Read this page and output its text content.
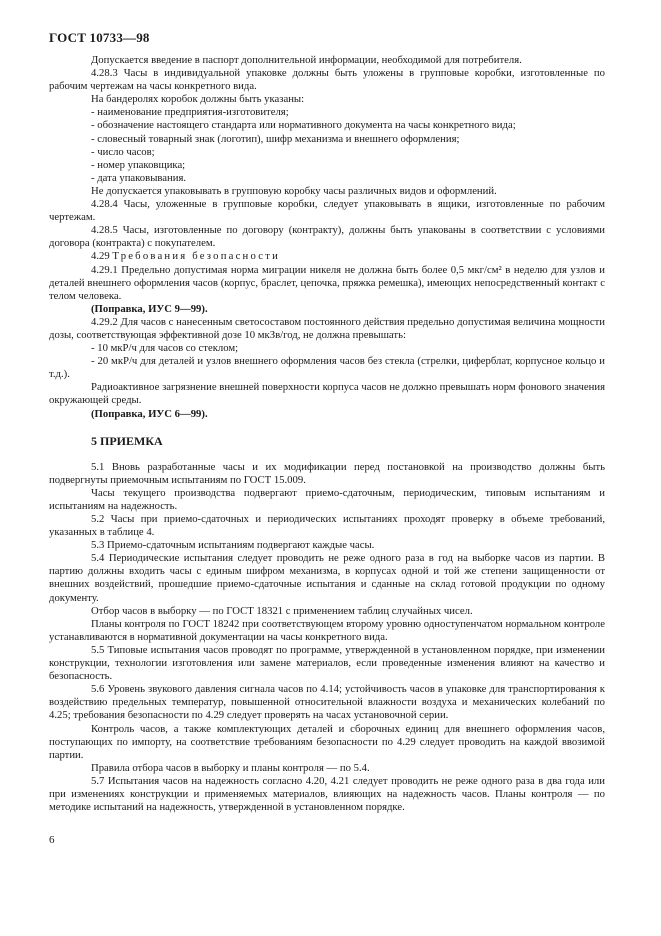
ГОСТ 10733—98

Допускается введение в паспорт дополнительной информации, необходимой для потребителя.

4.28.3 Часы в индивидуальной упаковке должны быть уложены в групповые коробки, изготовленные по рабочим чертежам на часы конкретного вида.

На бандеролях коробок должны быть указаны:

- наименование предприятия-изготовителя;

- обозначение настоящего стандарта или нормативного документа на часы конкретного вида;

- словесный товарный знак (логотип), шифр механизма и внешнего оформления;

- число часов;

- номер упаковщика;

- дата упаковывания.

Не допускается упаковывать в групповую коробку часы различных видов и оформлений.

4.28.4 Часы, уложенные в групповые коробки, следует упаковывать в ящики, изготовленные по рабочим чертежам.

4.28.5 Часы, изготовленные по договору (контракту), должны быть упакованы в соответствии с условиями договора (контракта) с покупателем.

4.29 Требования безопасности

4.29.1 Предельно допустимая норма миграции никеля не должна быть более 0,5 мкг/см² в неделю для узлов и деталей внешнего оформления часов (корпус, браслет, цепочка, пряжка ремешка), имеющих непосредственный контакт с телом человека.

(Поправка, ИУС 9—99).

4.29.2 Для часов с нанесенным светосоставом постоянного действия предельно допустимая величина мощности дозы, соответствующая эффективной дозе 10 мкЗв/год, не должна превышать:

- 10 мкР/ч для часов со стеклом;

- 20 мкР/ч для деталей и узлов внешнего оформления часов без стекла (стрелки, циферблат, корпусное кольцо и т.д.).

Радиоактивное загрязнение внешней поверхности корпуса часов не должно превышать норм фонового значения окружающей среды.

(Поправка, ИУС 6—99).

5 ПРИЕМКА

5.1 Вновь разработанные часы и их модификации перед постановкой на производство должны быть подвергнуты приемочным испытаниям по ГОСТ 15.009.

Часы текущего производства подвергают приемо-сдаточным, периодическим, типовым испытаниям и испытаниям на надежность.

5.2 Часы при приемо-сдаточных и периодических испытаниях проходят проверку в объеме требований, указанных в таблице 4.

5.3 Приемо-сдаточным испытаниям подвергают каждые часы.

5.4 Периодические испытания следует проводить не реже одного раза в год на выборке часов из партии. В партию должны входить часы с единым шифром механизма, в корпусах одной и той же степени защищенности от внешних воздействий, прошедшие приемо-сдаточные испытания и сданные на склад готовой продукции по одному документу.

Отбор часов в выборку — по ГОСТ 18321 с применением таблиц случайных чисел.

Планы контроля по ГОСТ 18242 при соответствующем второму уровню одноступенчатом нормальном контроле устанавливаются в нормативной документации на часы конкретного вида.

5.5 Типовые испытания часов проводят по программе, утвержденной в установленном порядке, при изменении конструкции, технологии изготовления или замене материалов, если проведенные изменения влияют на качество и безопасность.

5.6 Уровень звукового давления сигнала часов по 4.14; устойчивость часов в упаковке для транспортирования к воздействию предельных температур, повышенной относительной влажности воздуха и механических колебаний по 4.25; требования безопасности по 4.29 следует проверять на часах установочной серии.

Контроль часов, а также комплектующих деталей и сборочных единиц для внешнего оформления часов, поступающих по импорту, на соответствие требованиям безопасности по 4.29 следует проводить на каждой ввозимой партии.

Правила отбора часов в выборку и планы контроля — по 5.4.

5.7 Испытания часов на надежность согласно 4.20, 4.21 следует проводить не реже одного раза в два года или при изменениях конструкции и применяемых материалов, влияющих на надежность часов. Планы контроля — по методике испытаний на надежность, утвержденной в установленном порядке.

6
